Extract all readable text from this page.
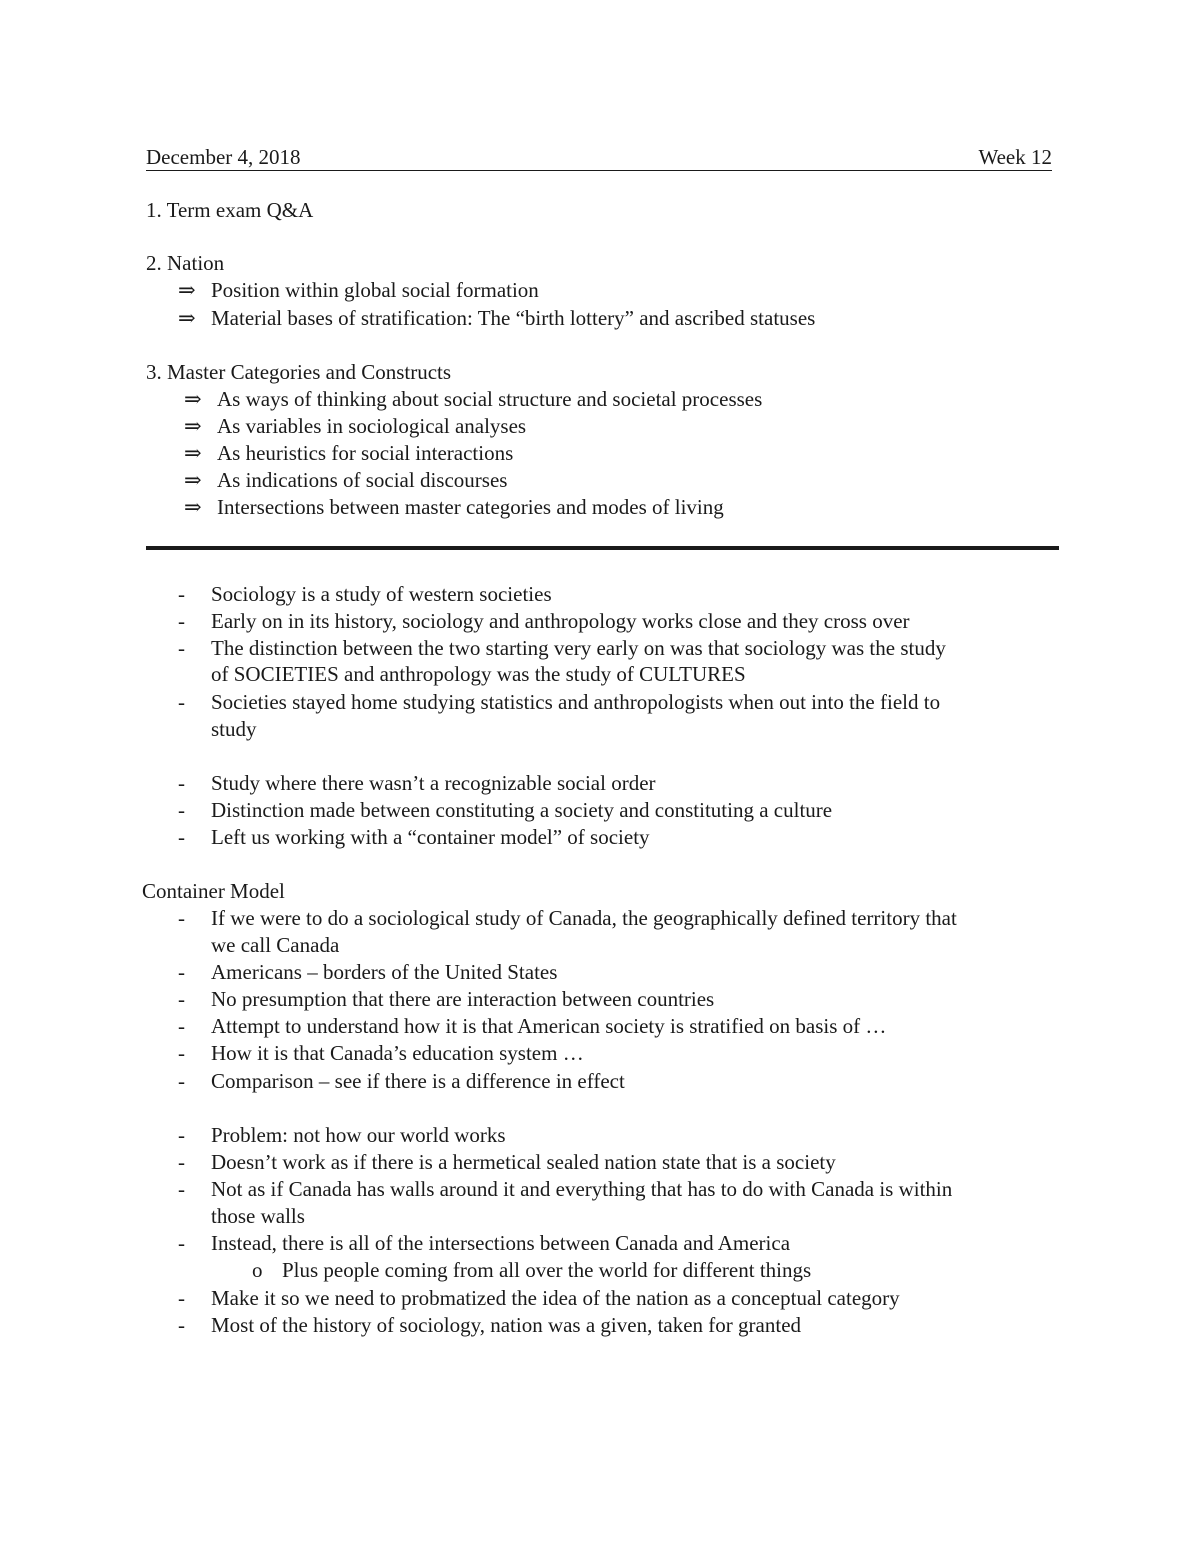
December 4, 2018	Week 12
1. Term exam Q&A
2. Nation
⇒ Position within global social formation
⇒ Material bases of stratification: The “birth lottery” and ascribed statuses
3. Master Categories and Constructs
⇒ As ways of thinking about social structure and societal processes
⇒ As variables in sociological analyses
⇒ As heuristics for social interactions
⇒ As indications of social discourses
⇒ Intersections between master categories and modes of living
- Sociology is a study of western societies
- Early on in its history, sociology and anthropology works close and they cross over
- The distinction between the two starting very early on was that sociology was the study
of SOCIETIES and anthropology was the study of CULTURES
- Societies stayed home studying statistics and anthropologists when out into the field to
study
- Study where there wasn’t a recognizable social order
- Distinction made between constituting a society and constituting a culture
- Left us working with a “container model” of society
Container Model
- If we were to do a sociological study of Canada, the geographically defined territory that
we call Canada
- Americans – borders of the United States
- No presumption that there are interaction between countries
- Attempt to understand how it is that American society is stratified on basis of …
- How it is that Canada’s education system …
- Comparison – see if there is a difference in effect
- Problem: not how our world works
- Doesn’t work as if there is a hermetical sealed nation state that is a society
- Not as if Canada has walls around it and everything that has to do with Canada is within
those walls
- Instead, there is all of the intersections between Canada and America
o Plus people coming from all over the world for different things
- Make it so we need to probmatized the idea of the nation as a conceptual category
- Most of the history of sociology, nation was a given, taken for granted
